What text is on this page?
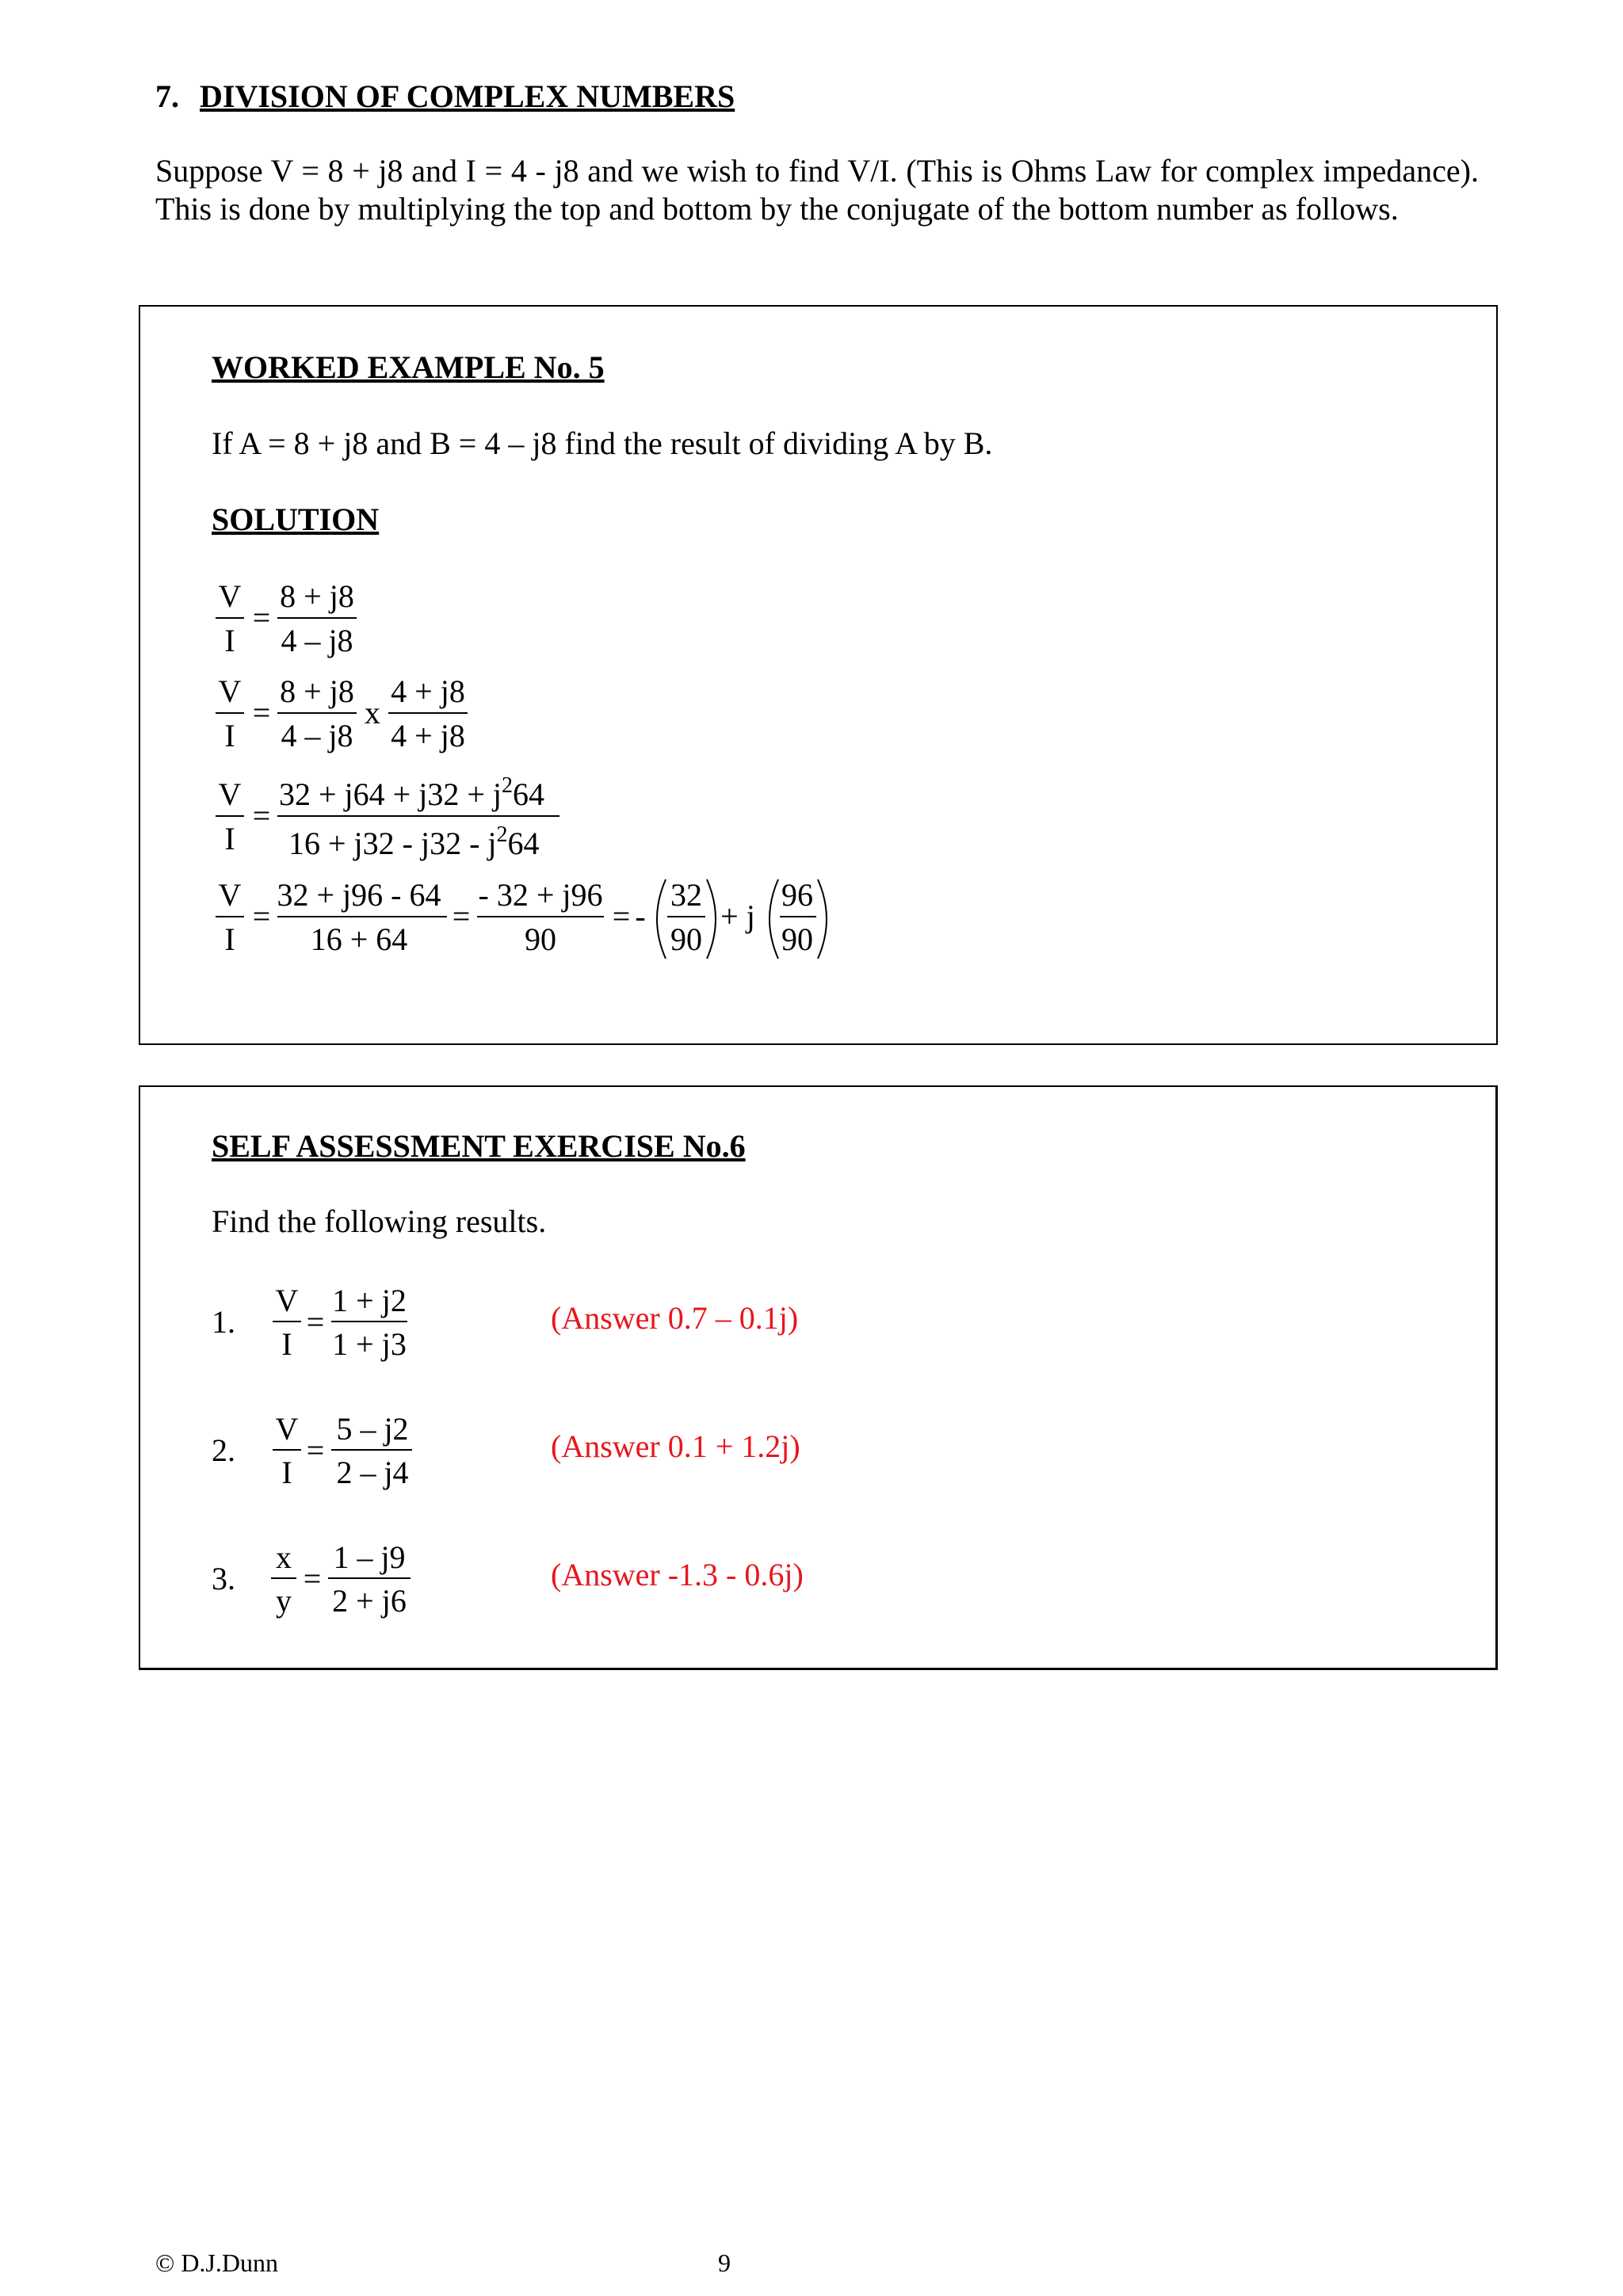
7. DIVISION OF COMPLEX NUMBERS
Suppose V = 8 + j8 and I = 4 - j8 and we wish to find V/I. (This is Ohms Law for complex impedance). This is done by multiplying the top and bottom by the conjugate of the bottom number as follows.
WORKED EXAMPLE No. 5
If A = 8 + j8 and B = 4 – j8 find the result of dividing A by B.
SOLUTION
V
I
=
8 + j8
4 – j8
V
I
=
8 + j8
4 – j8
x
4 + j8
4 + j8
V
I
=
$32 + j64 + j32 + j^264$
$16 + j32 - j32 - j^264$
V
I
=
32 + j96 - 64
16 + 64
=
- 32 + j96
90
= -
32
90
+ j
96
90
1.
V
I
=
1 + j2
1 + j3
2.
V
I
=
5 – j2
2 – j4
3.
x
y
=
1 – j9
2 + j6
SELF ASSESSMENT EXERCISE No.6
Find the following results.
(Answer 0.7 – 0.1j)
(Answer 0.1 + 1.2j)
(Answer -1.3 - 0.6j)
© D.J.Dunn	9
